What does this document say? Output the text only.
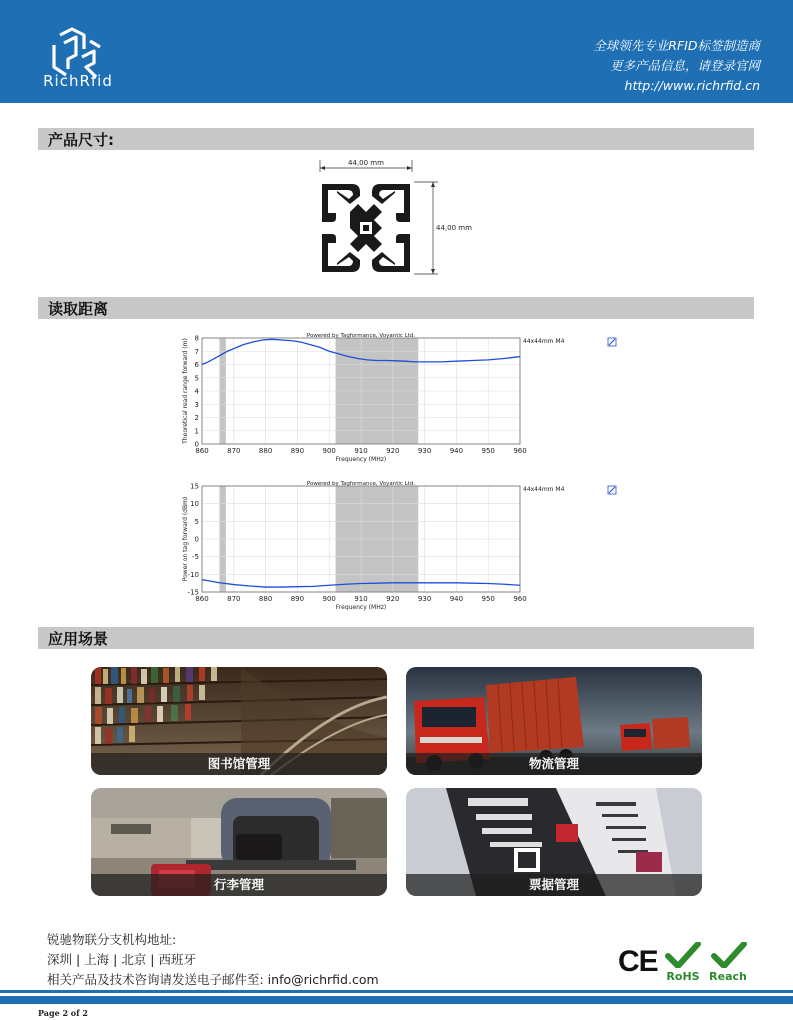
RichRfid
全球领先专业RFID标签制造商
更多产品信息，请登录官网
http://www.richrfid.cn
产品尺寸:
44,00 mm
44,00 mm
读取距离
860	870	880	890	900	910	920	930	940	950	960
0
1
2
3
4
5
6
7
8	Powered by Tagformance, Voyantic Ltd.
Frequency (MHz)
Theoretical read range forward (m)	44x44mm M4
860	870	880	890	900	910	920	930	940	950	960
-15
-10
-5
0
5
10
15	Powered by Tagformance, Voyantic Ltd.
Frequency (MHz)
Power on tag forward (dBm)
44x44mm M4
应用场景
图书馆管理	物流管理
行李管理	票据管理
锐驰物联分支机构地址:
深圳 | 上海 | 北京 | 西班牙
相关产品及技术咨询请发送电子邮件至: info@richrfid.com
CE RoHS Reach
Page 2 of 2
